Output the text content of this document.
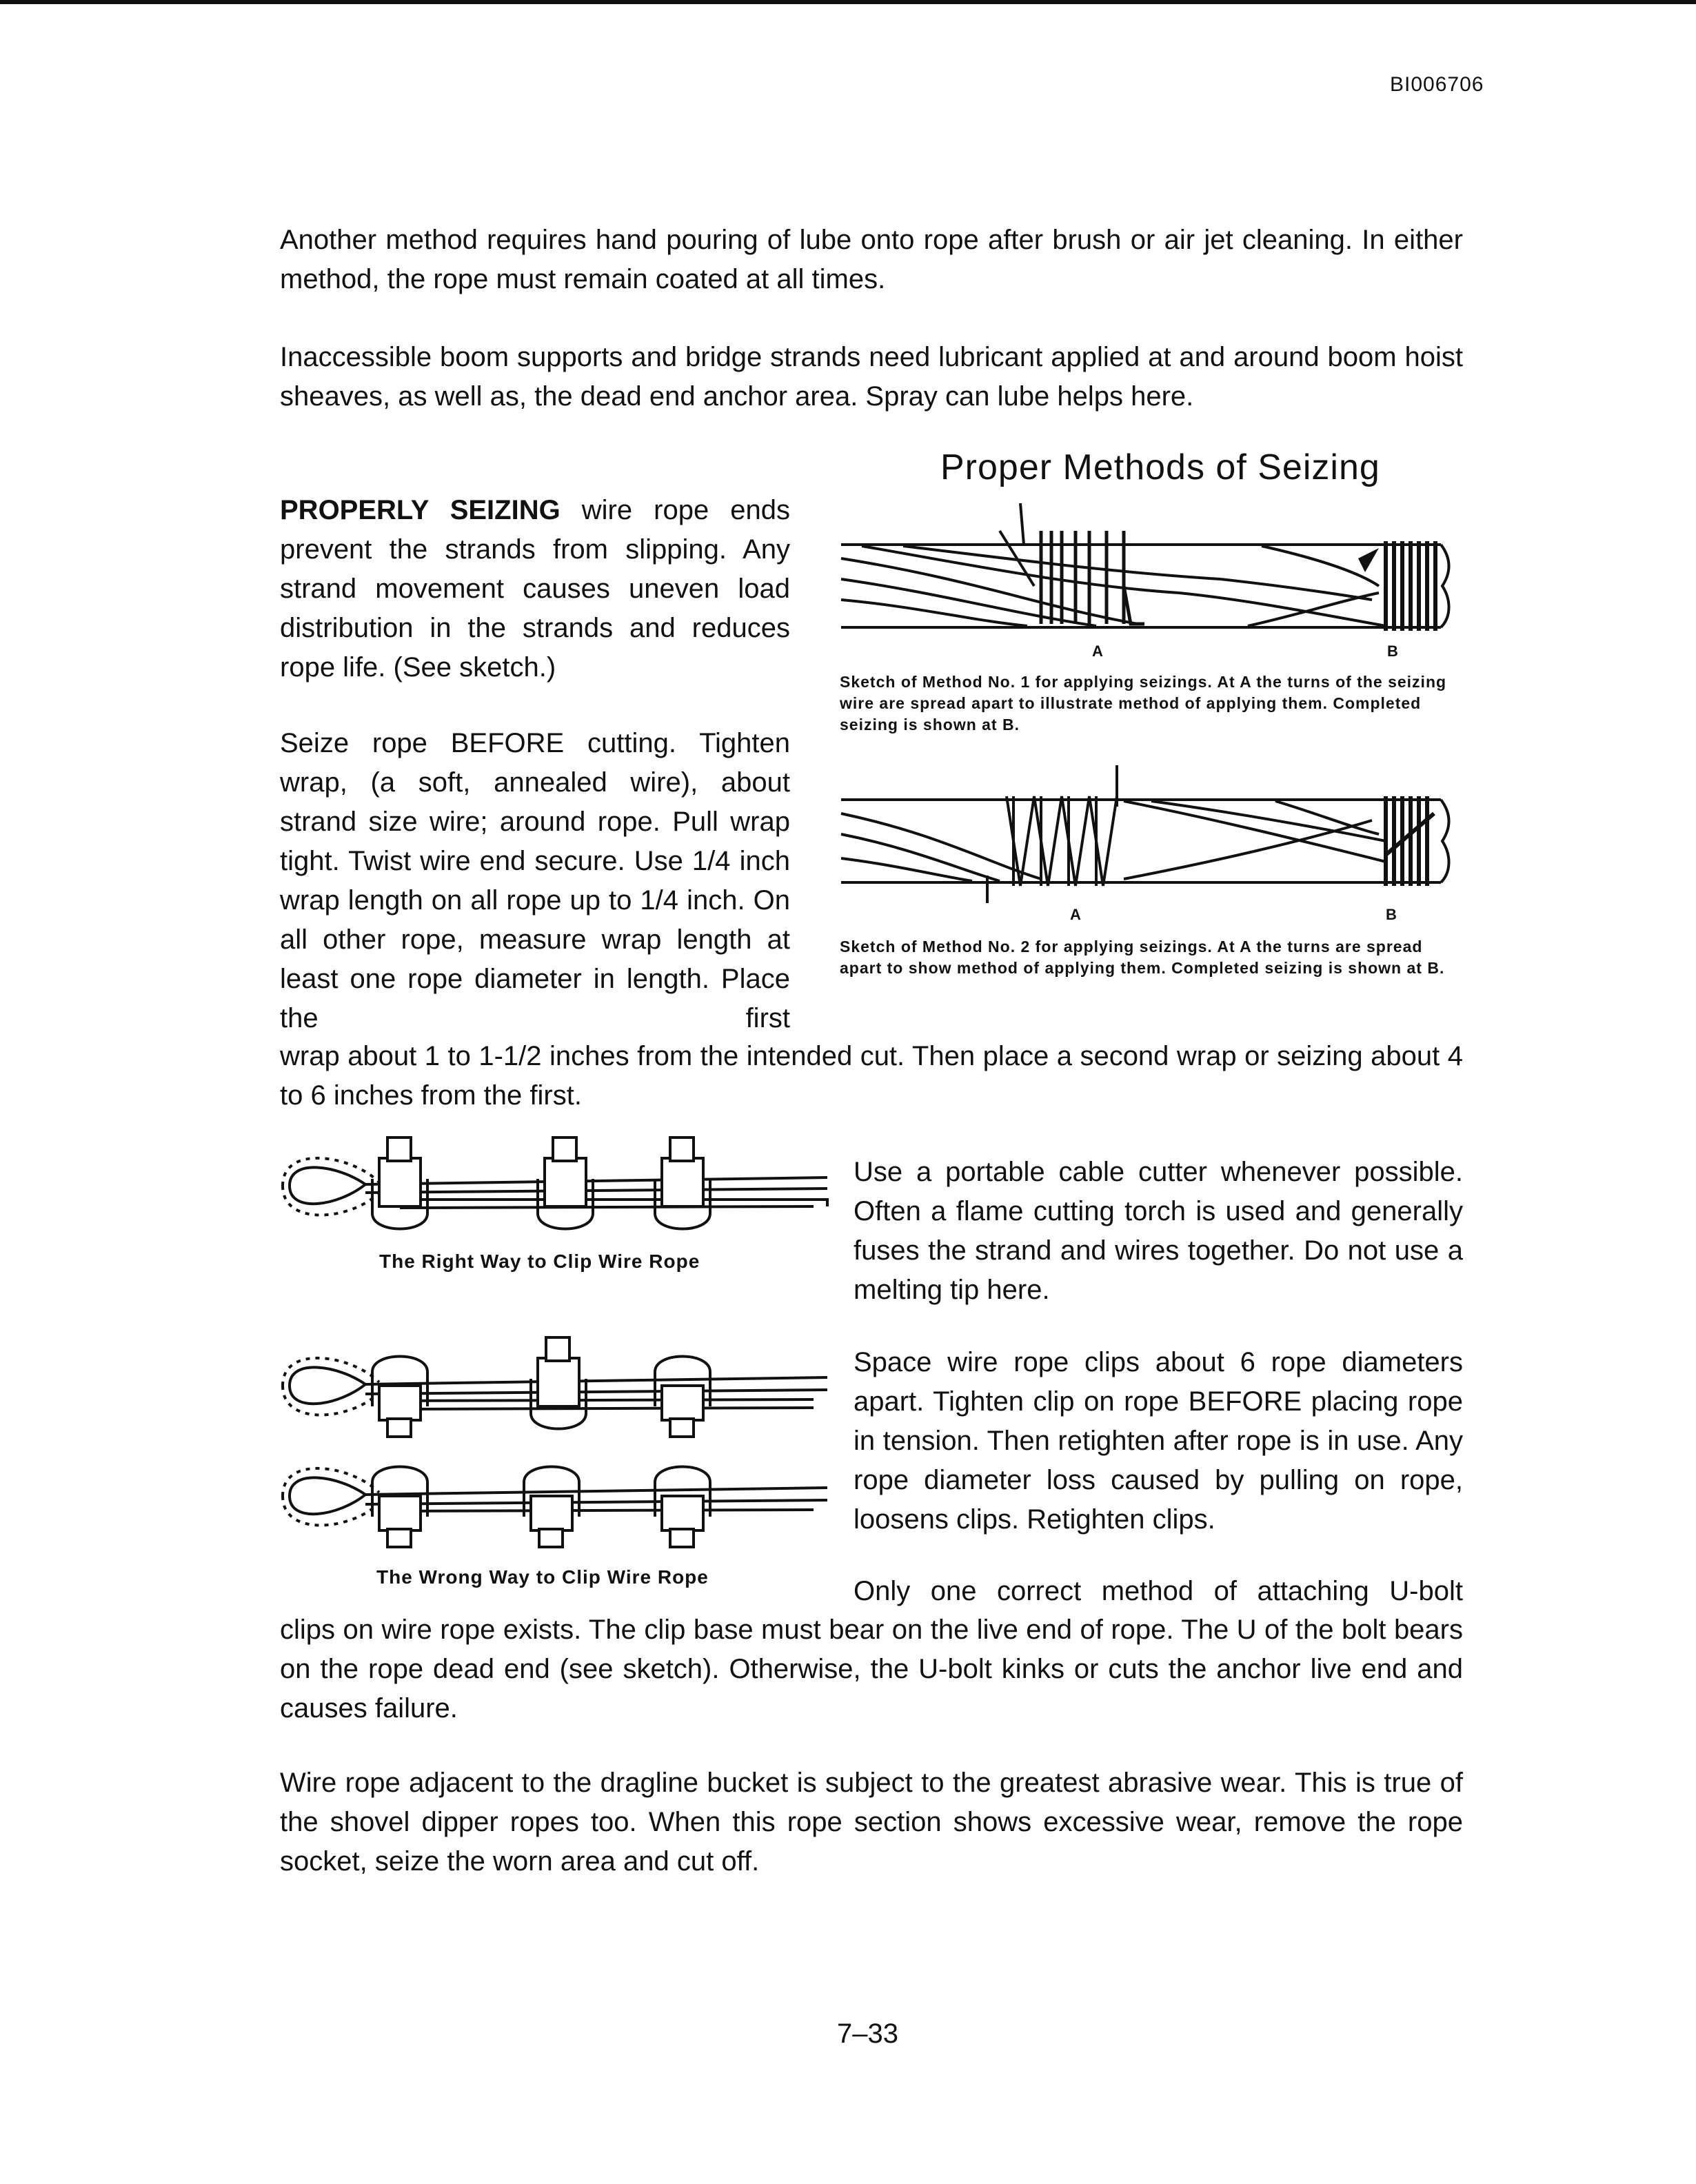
BI006706

Another method requires hand pouring of lube onto rope after brush or air jet cleaning. In either method, the rope must remain coated at all times.

Inaccessible boom supports and bridge strands need lubricant applied at and around boom hoist sheaves, as well as, the dead end anchor area. Spray can lube helps here.

Proper Methods of Seizing

PROPERLY SEIZING wire rope ends prevent the strands from slipping. Any strand movement causes uneven load distribution in the strands and reduces rope life. (See sketch.)

Seize rope BEFORE cutting. Tighten wrap, (a soft, annealed wire), about strand size wire; around rope. Pull wrap tight. Twist wire end secure. Use 1/4 inch wrap length on all rope up to 1/4 inch. On all other rope, measure wrap length at least one rope diameter in length. Place the first

wrap about 1 to 1-1/2 inches from the intended cut. Then place a second wrap or seizing about 4 to 6 inches from the first.

A	B

Sketch of Method No. 1 for applying seizings. At A the turns of the seizing wire are spread apart to illustrate method of applying them. Completed seizing is shown at B.

A	B

Sketch of Method No. 2 for applying seizings. At A the turns are spread apart to show method of applying them. Completed seizing is shown at B.

The Right Way to Clip Wire Rope

Use a portable cable cutter whenever possible. Often a flame cutting torch is used and generally fuses the strand and wires together. Do not use a melting tip here.

The Wrong Way to Clip Wire Rope

Space wire rope clips about 6 rope diameters apart. Tighten clip on rope BEFORE placing rope in tension. Then retighten after rope is in use. Any rope diameter loss caused by pulling on rope, loosens clips. Retighten clips.

Only one correct method of attaching U-bolt

clips on wire rope exists. The clip base must bear on the live end of rope. The U of the bolt bears on the rope dead end (see sketch). Otherwise, the U-bolt kinks or cuts the anchor live end and causes failure.

Wire rope adjacent to the dragline bucket is subject to the greatest abrasive wear. This is true of the shovel dipper ropes too. When this rope section shows excessive wear, remove the rope socket, seize the worn area and cut off.

7–33
